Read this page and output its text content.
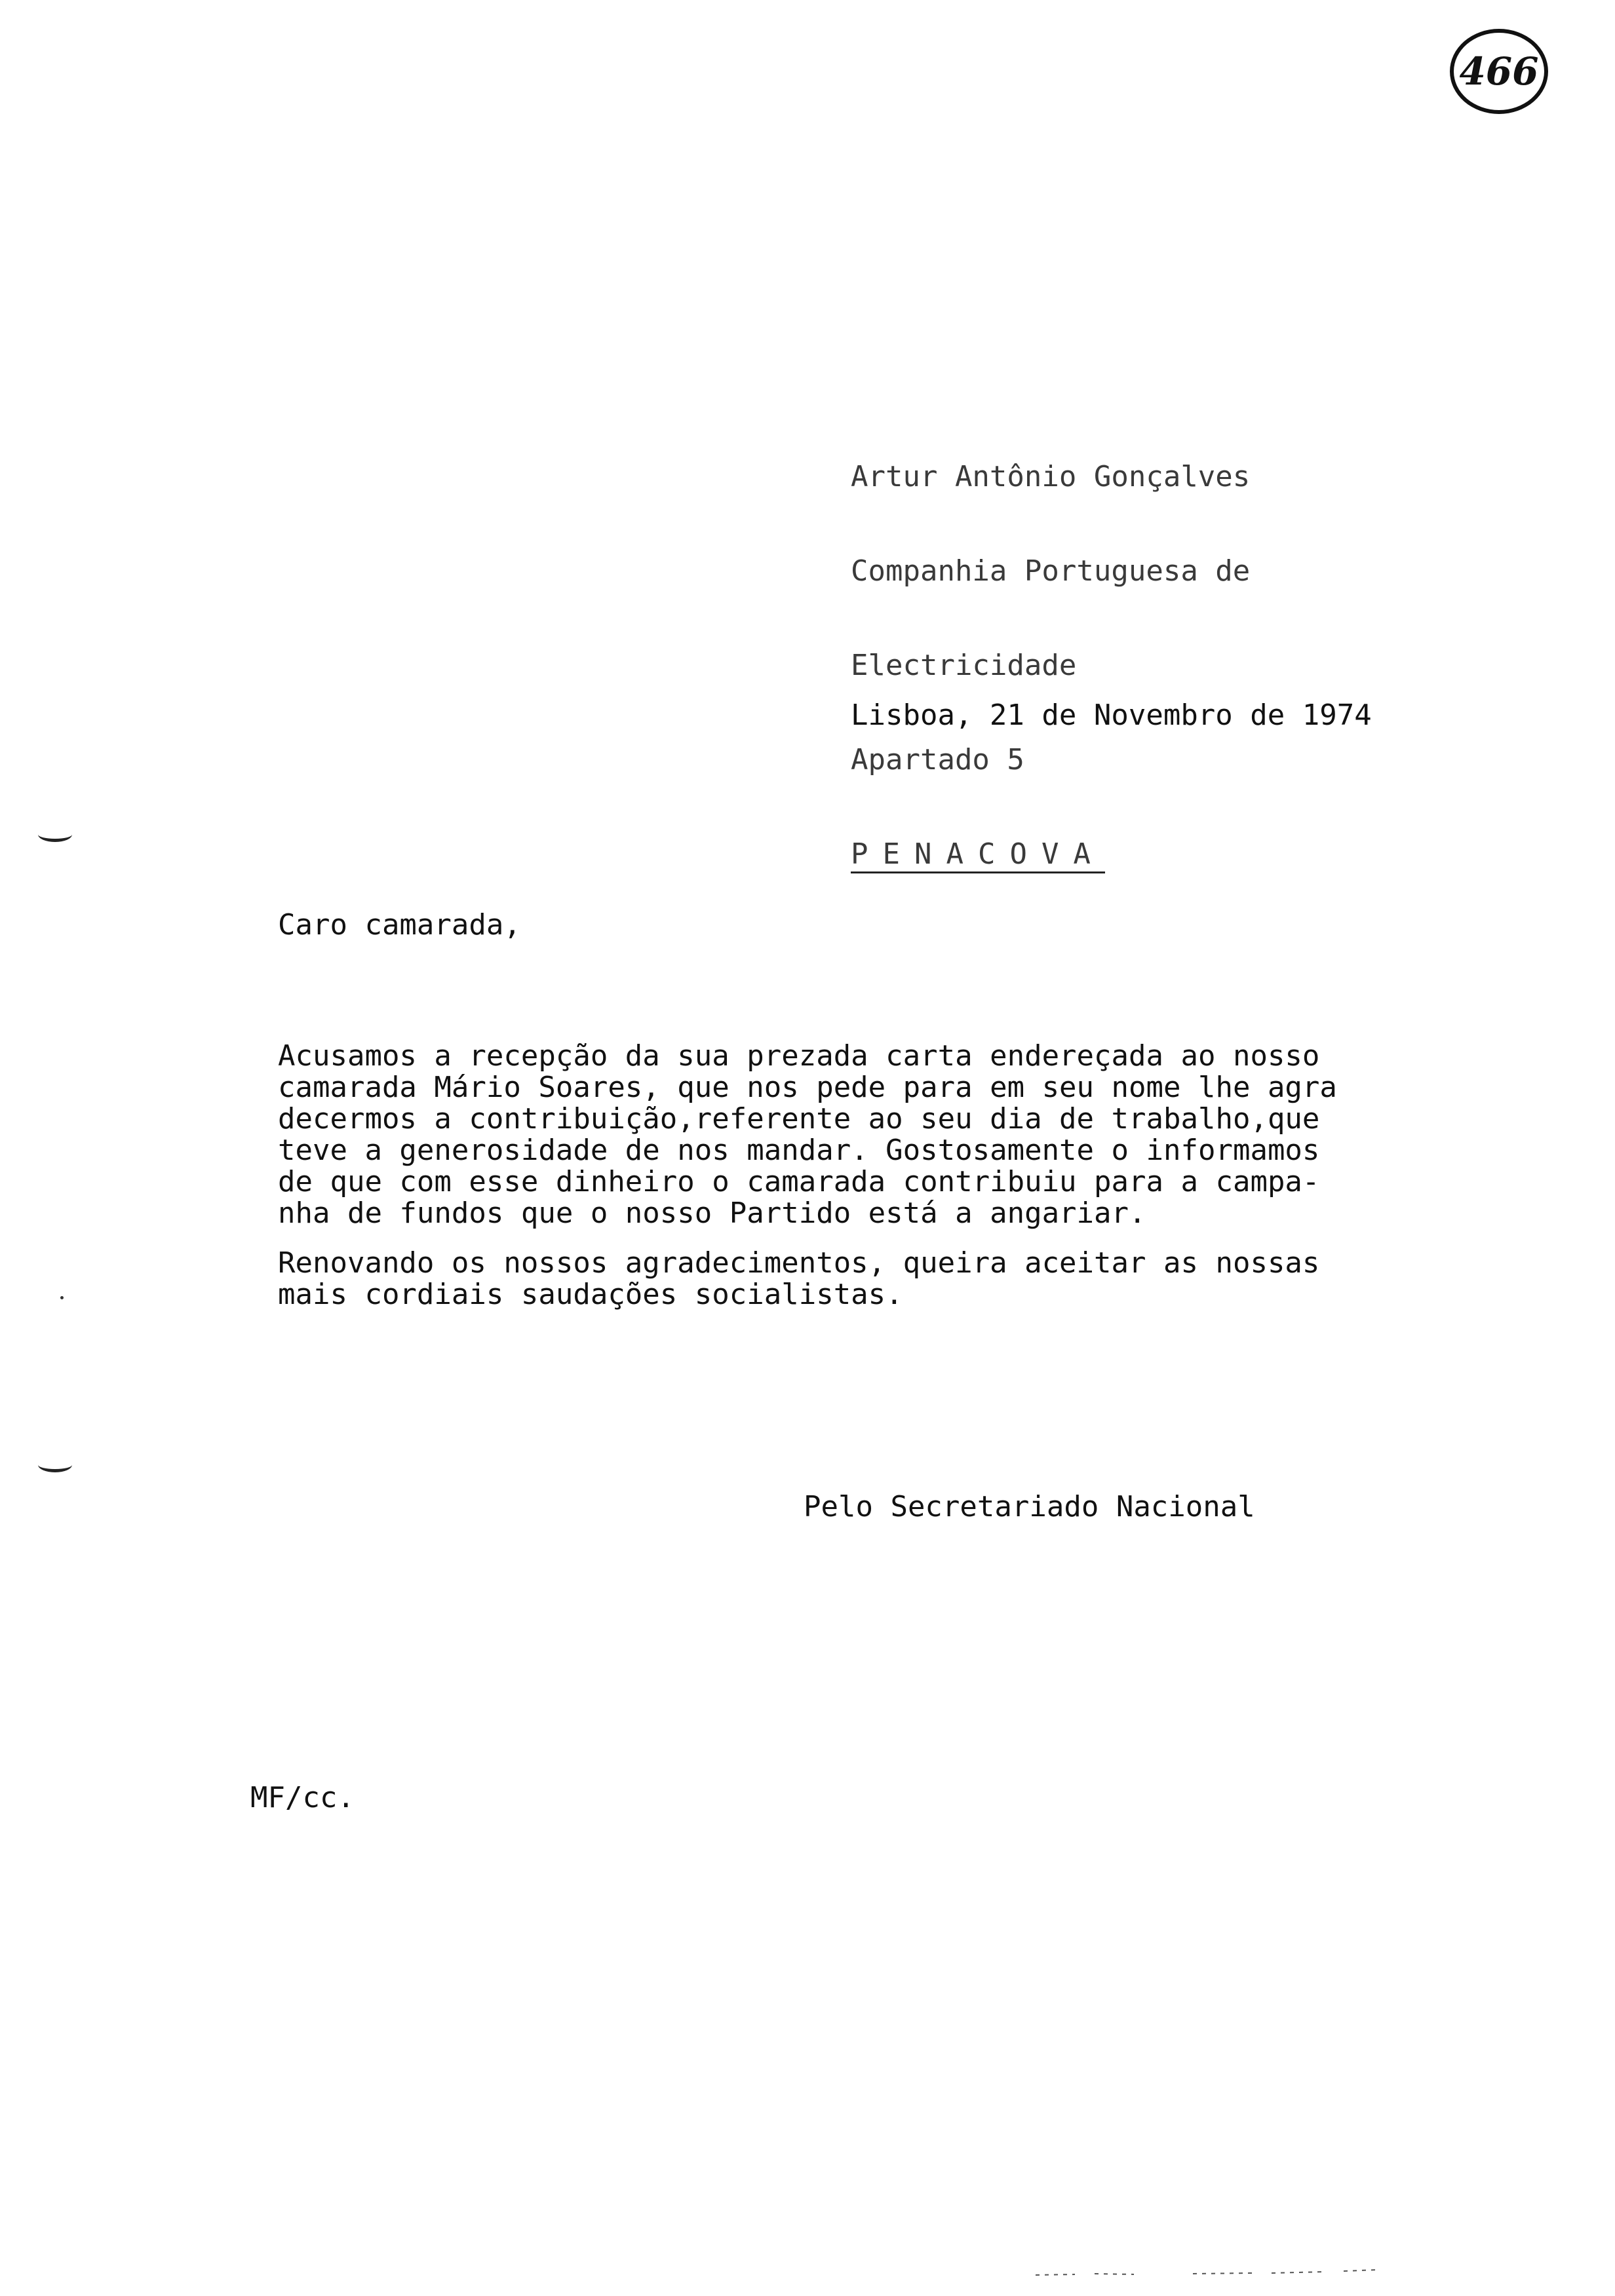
466

Artur Antônio Gonçalves

Companhia Portuguesa de

Electricidade

Apartado 5

PENACOVA

Lisboa, 21 de Novembro de 1974
Caro camarada,

Acusamos a recepção da sua prezada carta endereçada ao nosso
camarada Mário Soares, que nos pede para em seu nome lhe agra
decermos a contribuição,referente ao seu dia de trabalho,que
teve a generosidade de nos mandar. Gostosamente o informamos
de que com esse dinheiro o camarada contribuiu para a campa-
nha de fundos que o nosso Partido está a angariar.

Renovando os nossos agradecimentos, queira aceitar as nossas
mais cordiais saudações socialistas.

Pelo Secretariado Nacional
MF/cc.
